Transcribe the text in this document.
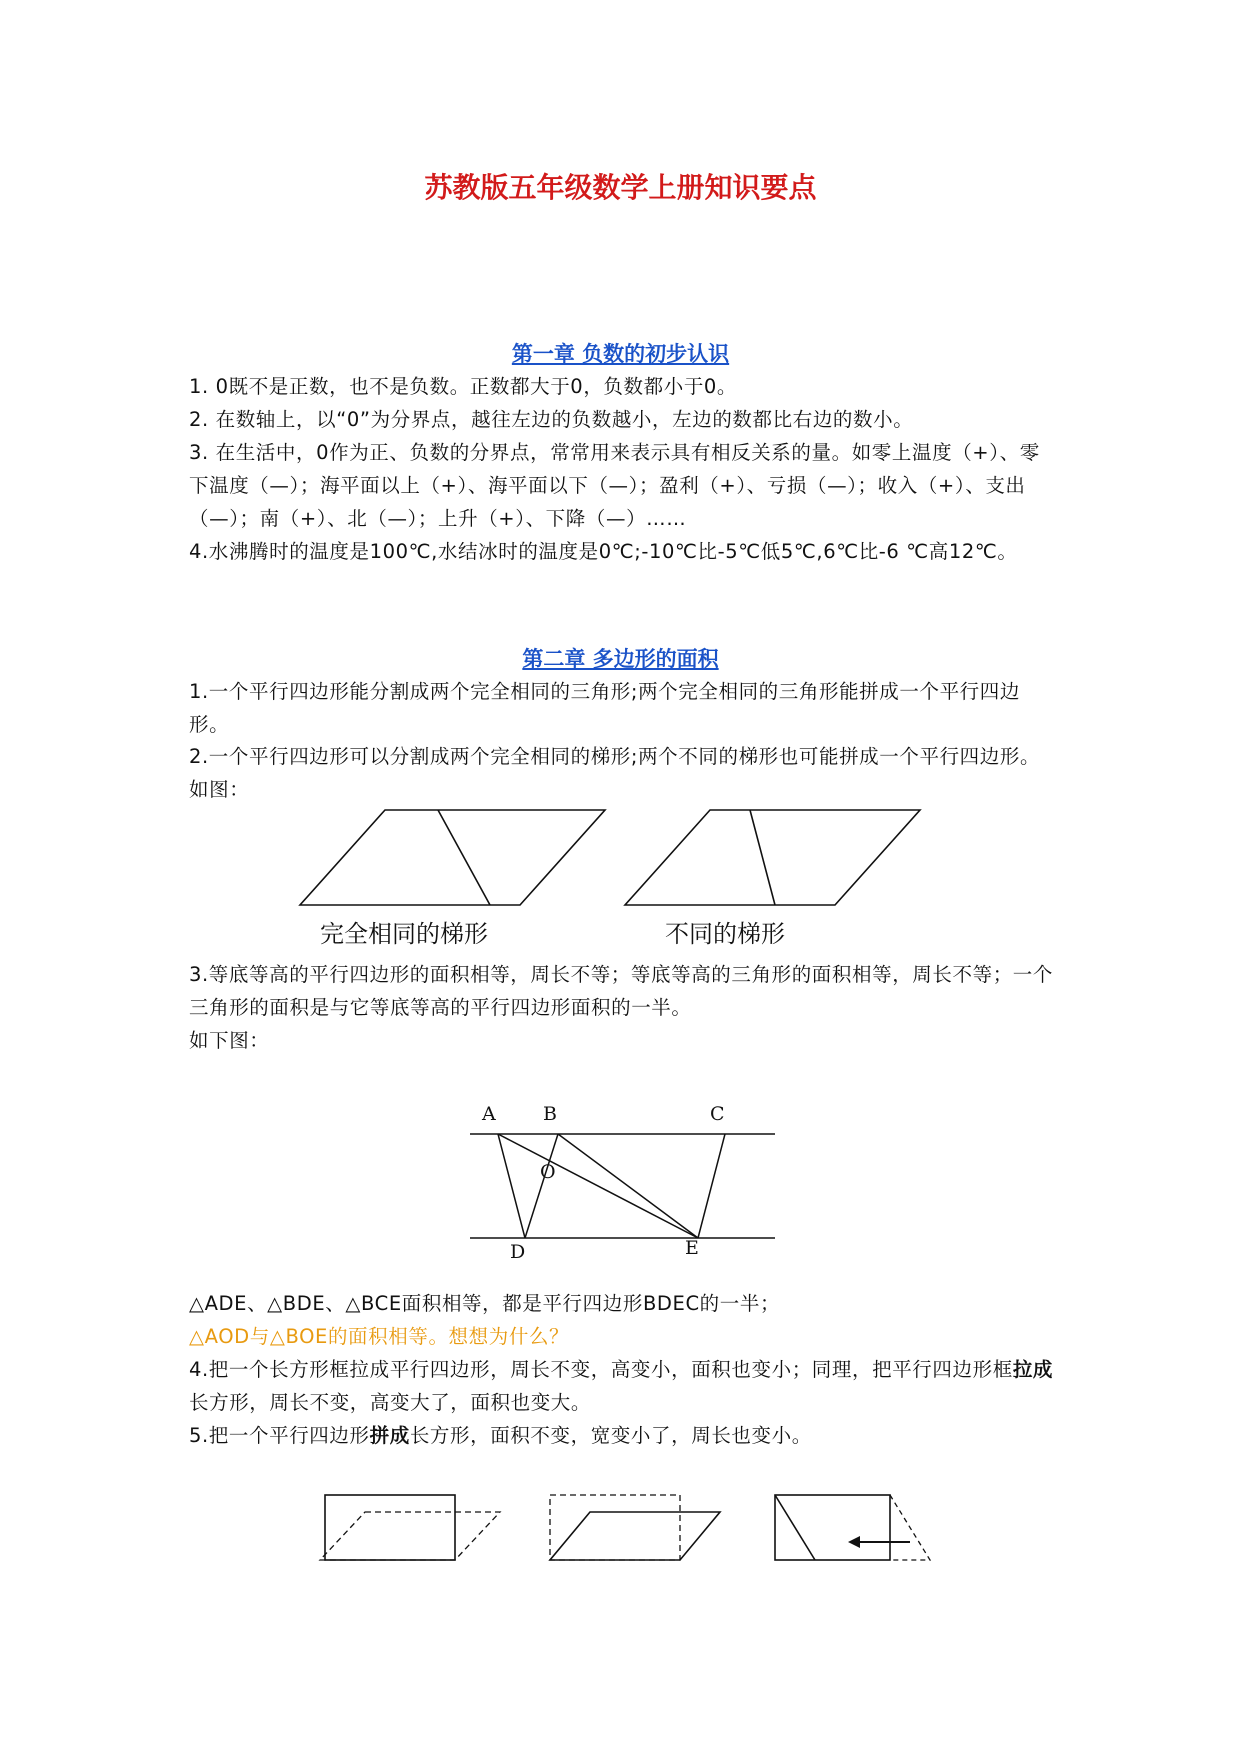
苏教版五年级数学上册知识要点
第一章 负数的初步认识

1. 0既不是正数，也不是负数。正数都大于0，负数都小于0。

2. 在数轴上，以“0”为分界点，越往左边的负数越小，左边的数都比右边的数小。

3. 在生活中，0作为正、负数的分界点，常常用来表示具有相反关系的量。如零上温度（+）、零下温度（—）；海平面以上（+）、海平面以下（—）；盈利（+）、亏损（—）；收入（+）、支出（—）；南（+）、北（—）；上升（+）、下降（—）……

4.水沸腾时的温度是100℃,水结冰时的温度是0℃;-10℃比-5℃低5℃,6℃比-6 ℃高12℃。

第二章 多边形的面积

1.一个平行四边形能分割成两个完全相同的三角形;两个完全相同的三角形能拼成一个平行四边形。

2.一个平行四边形可以分割成两个完全相同的梯形;两个不同的梯形也可能拼成一个平行四边形。如图：

完全相同的梯形	不同的梯形

3.等底等高的平行四边形的面积相等，周长不等；等底等高的三角形的面积相等，周长不等；一个三角形的面积是与它等底等高的平行四边形面积的一半。

如下图：

A B	C
O
D	E

△ADE、△BDE、△BCE面积相等，都是平行四边形BDEC的一半；

△AOD与△BOE的面积相等。想想为什么？

4.把一个长方形框拉成平行四边形，周长不变，高变小，面积也变小；同理，把平行四边形框拉成长方形，周长不变，高变大了，面积也变大。

5.把一个平行四边形拼成长方形，面积不变，宽变小了，周长也变小。
